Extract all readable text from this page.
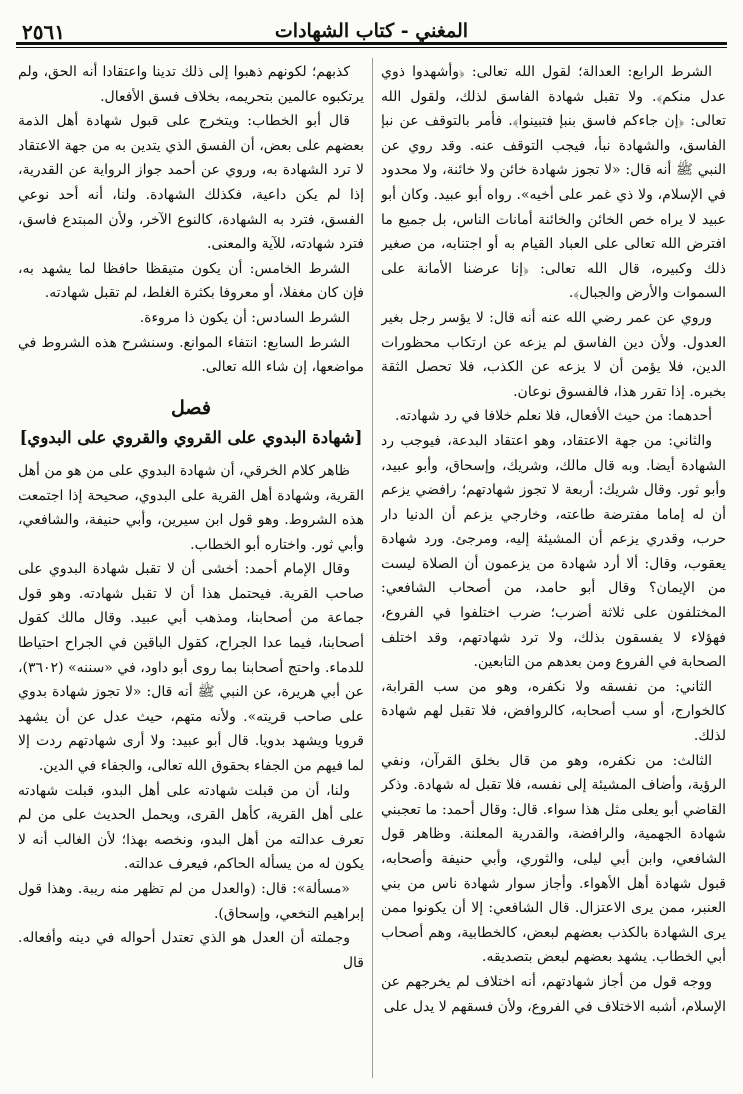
٢٥٦١	المغني - كتاب الشهادات

الشرط الرابع: العدالة؛ لقول الله تعالى: ﴿وأشهدوا ذوي عدل منكم﴾. ولا تقبل شهادة الفاسق لذلك، ولقول الله تعالى: ﴿إن جاءكم فاسق بنبإ فتبينوا﴾. فأمر بالتوقف عن نبإ الفاسق، والشهادة نبأ، فيجب التوقف عنه. وقد روي عن النبي ﷺ أنه قال: «لا تجوز شهادة خائن ولا خائنة، ولا محدود في الإسلام، ولا ذي غمر على أخيه». رواه أبو عبيد. وكان أبو عبيد لا يراه خص الخائن والخائنة أمانات الناس، بل جميع ما افترض الله تعالى على العباد القيام به أو اجتنابه، من صغير ذلك وكبيره، قال الله تعالى: ﴿إنا عرضنا الأمانة على السموات والأرض والجبال﴾.

وروي عن عمر رضي الله عنه أنه قال: لا يؤسر رجل بغير العدول. ولأن دين الفاسق لم يزعه عن ارتكاب محظورات الدين، فلا يؤمن أن لا يزعه عن الكذب، فلا تحصل الثقة بخبره. إذا تقرر هذا، فالفسوق نوعان.

أحدهما: من حيث الأفعال، فلا نعلم خلافا في رد شهادته.

والثاني: من جهة الاعتقاد، وهو اعتقاد البدعة، فيوجب رد الشهادة أيضا. وبه قال مالك، وشريك، وإسحاق، وأبو عبيد، وأبو ثور. وقال شريك: أربعة لا تجوز شهادتهم؛ رافضي يزعم أن له إماما مفترضة طاعته، وخارجي يزعم أن الدنيا دار حرب، وقدري يزعم أن المشيئة إليه، ومرجئ. ورد شهادة يعقوب، وقال: ألا أرد شهادة من يزعمون أن الصلاة ليست من الإيمان؟ وقال أبو حامد، من أصحاب الشافعي: المختلفون على ثلاثة أضرب؛ ضرب اختلفوا في الفروع، فهؤلاء لا يفسقون بذلك، ولا ترد شهادتهم، وقد اختلف الصحابة في الفروع ومن بعدهم من التابعين.

الثاني: من نفسقه ولا نكفره، وهو من سب القرابة، كالخوارج، أو سب أصحابه، كالروافض، فلا تقبل لهم شهادة لذلك.

الثالث: من نكفره، وهو من قال بخلق القرآن، ونفي الرؤية، وأضاف المشيئة إلى نفسه، فلا تقبل له شهادة. وذكر القاضي أبو يعلى مثل هذا سواء. قال: وقال أحمد: ما تعجبني شهادة الجهمية، والرافضة، والقدرية المعلنة. وظاهر قول الشافعي، وابن أبي ليلى، والثوري، وأبي حنيفة وأصحابه، قبول شهادة أهل الأهواء. وأجاز سوار شهادة ناس من بني العنبر، ممن يرى الاعتزال. قال الشافعي: إلا أن يكونوا ممن يرى الشهادة بالكذب بعضهم لبعض، كالخطابية، وهم أصحاب أبي الخطاب. يشهد بعضهم لبعض بتصديقه.

ووجه قول من أجاز شهادتهم، أنه اختلاف لم يخرجهم عن الإسلام، أشبه الاختلاف في الفروع، ولأن فسقهم لا يدل على

كذبهم؛ لكونهم ذهبوا إلى ذلك تدينا واعتقادا أنه الحق، ولم يرتكبوه عالمين بتحريمه، بخلاف فسق الأفعال.

قال أبو الخطاب: ويتخرج على قبول شهادة أهل الذمة بعضهم على بعض، أن الفسق الذي يتدين به من جهة الاعتقاد لا ترد الشهادة به، وروي عن أحمد جواز الرواية عن القدرية، إذا لم يكن داعية، فكذلك الشهادة. ولنا، أنه أحد نوعي الفسق، فترد به الشهادة، كالنوع الآخر، ولأن المبتدع فاسق، فترد شهادته، للآية والمعنى.

الشرط الخامس: أن يكون متيقظا حافظا لما يشهد به، فإن كان مغفلا، أو معروفا بكثرة الغلط، لم تقبل شهادته.

الشرط السادس: أن يكون ذا مروءة.

الشرط السابع: انتفاء الموانع. وسنشرح هذه الشروط في مواضعها، إن شاء الله تعالى.

فصل
[شهادة البدوي على القروي والقروي على البدوي]

ظاهر كلام الخرقي، أن شهادة البدوي على من هو من أهل القرية، وشهادة أهل القرية على البدوي، صحيحة إذا اجتمعت هذه الشروط. وهو قول ابن سيرين، وأبي حنيفة، والشافعي، وأبي ثور. واختاره أبو الخطاب.

وقال الإمام أحمد: أخشى أن لا تقبل شهادة البدوي على صاحب القرية. فيحتمل هذا أن لا تقبل شهادته. وهو قول جماعة من أصحابنا، ومذهب أبي عبيد. وقال مالك كقول أصحابنا، فيما عدا الجراح، كقول الباقين في الجراح احتياطا للدماء. واحتج أصحابنا بما روى أبو داود، في «سننه» (٣٦٠٢)، عن أبي هريرة، عن النبي ﷺ أنه قال: «لا تجوز شهادة بدوي على صاحب قريته». ولأنه متهم، حيث عدل عن أن يشهد قرويا ويشهد بدويا. قال أبو عبيد: ولا أرى شهادتهم ردت إلا لما فيهم من الجفاء بحقوق الله تعالى، والجفاء في الدين.

ولنا، أن من قبلت شهادته على أهل البدو، قبلت شهادته على أهل القرية، كأهل القرى، ويحمل الحديث على من لم تعرف عدالته من أهل البدو، ونخصه بهذا؛ لأن الغالب أنه لا يكون له من يسأله الحاكم، فيعرف عدالته.

«مسألة»: قال: (والعدل من لم تظهر منه ريبة. وهذا قول إبراهيم النخعي، وإسحاق).

وجملته أن العدل هو الذي تعتدل أحواله في دينه وأفعاله. قال
